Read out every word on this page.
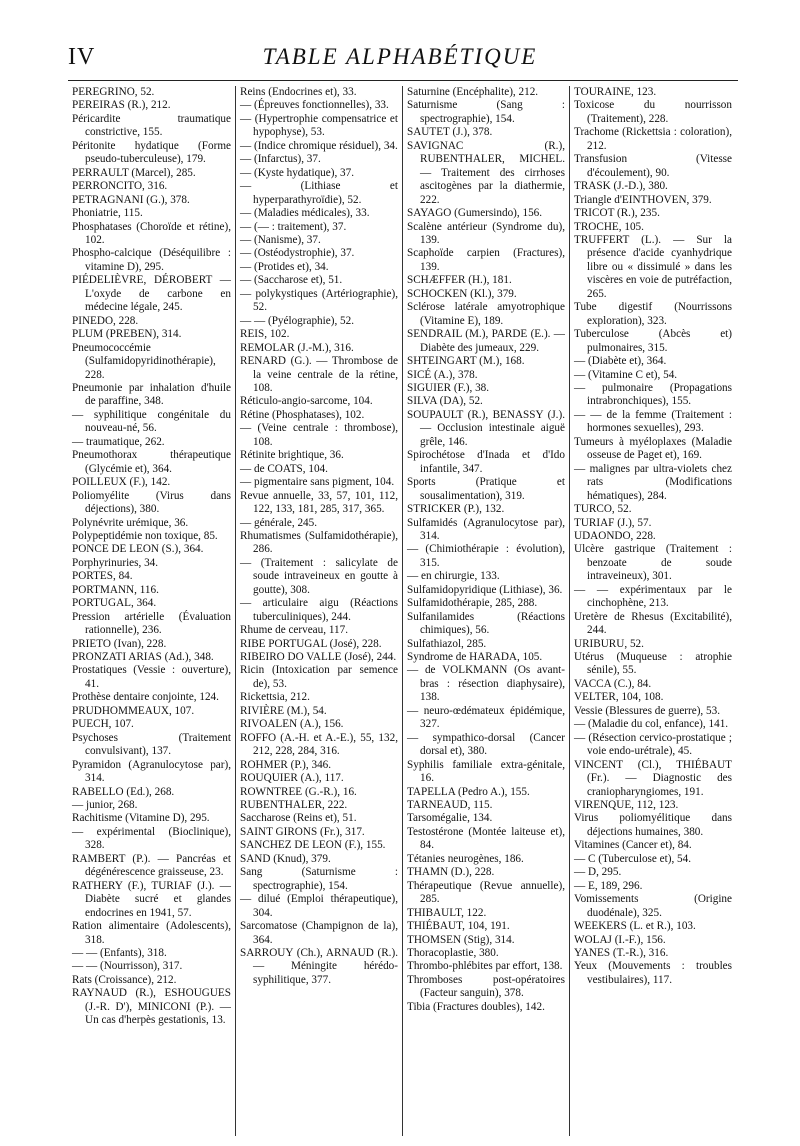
IV	TABLE ALPHABÉTIQUE

PEREGRINO, 52.

PEREIRAS (R.), 212.

Péricardite traumatique constrictive, 155.

Péritonite hydatique (Forme pseudo-tuberculeuse), 179.

PERRAULT (Marcel), 285.

PERRONCITO, 316.

PETRAGNANI (G.), 378.

Phoniatrie, 115.

Phosphatases (Choroïde et rétine), 102.

Phospho-calcique (Déséquilibre : vitamine D), 295.

PIÉDELIÈVRE, DÉROBERT — L'oxyde de carbone en médecine légale, 245.

PINEDO, 228.

PLUM (PREBEN), 314.

Pneumococcémie (Sulfamidopyridinothérapie), 228.

Pneumonie par inhalation d'huile de paraffine, 348.

— syphilitique congénitale du nouveau-né, 56.

— traumatique, 262.

Pneumothorax thérapeutique (Glycémie et), 364.

POILLEUX (F.), 142.

Poliomyélite (Virus dans déjections), 380.

Polynévrite urémique, 36.

Polypeptidémie non toxique, 85.

PONCE DE LEON (S.), 364.

Porphyrinuries, 34.

PORTES, 84.

PORTMANN, 116.

PORTUGAL, 364.

Pression artérielle (Évaluation rationnelle), 236.

PRIETO (Ivan), 228.

PRONZATI ARIAS (Ad.), 348.

Prostatiques (Vessie : ouverture), 41.

Prothèse dentaire conjointe, 124.

PRUDHOMMEAUX, 107.

PUECH, 107.

Psychoses (Traitement convulsivant), 137.

Pyramidon (Agranulocytose par), 314.

RABELLO (Ed.), 268.

— junior, 268.

Rachitisme (Vitamine D), 295.

— expérimental (Bioclinique), 328.

RAMBERT (P.). — Pancréas et dégénérescence graisseuse, 23.

RATHERY (F.), TURIAF (J.). — Diabète sucré et glandes endocrines en 1941, 57.

Ration alimentaire (Adolescents), 318.

— — (Enfants), 318.

— — (Nourrisson), 317.

Rats (Croissance), 212.

RAYNAUD (R.), ESHOUGUES (J.-R. D'), MINICONI (P.). — Un cas d'herpès gestationis, 13.

Reins (Endocrines et), 33.

— (Épreuves fonctionnelles), 33.

— (Hypertrophie compensatrice et hypophyse), 53.

— (Indice chromique résiduel), 34.

— (Infarctus), 37.

— (Kyste hydatique), 37.

— (Lithiase et hyperparathyroïdie), 52.

— (Maladies médicales), 33.

— (— : traitement), 37.

— (Nanisme), 37.

— (Ostéodystrophie), 37.

— (Protides et), 34.

— (Saccharose et), 51.

— polykystiques (Artériographie), 52.

— — (Pyélographie), 52.

REIS, 102.

REMOLAR (J.-M.), 316.

RENARD (G.). — Thrombose de la veine centrale de la rétine, 108.

Réticulo-angio-sarcome, 104.

Rétine (Phosphatases), 102.

— (Veine centrale : thrombose), 108.

Rétinite brightique, 36.

— de COATS, 104.

— pigmentaire sans pigment, 104.

Revue annuelle, 33, 57, 101, 112, 122, 133, 181, 285, 317, 365.

— générale, 245.

Rhumatismes (Sulfamidothérapie), 286.

— (Traitement : salicylate de soude intraveineux en goutte à goutte), 308.

— articulaire aigu (Réactions tuberculiniques), 244.

Rhume de cerveau, 117.

RIBE PORTUGAL (José), 228.

RIBEIRO DO VALLE (José), 244.

Ricin (Intoxication par semence de), 53.

Rickettsia, 212.

RIVIÈRE (M.), 54.

RIVOALEN (A.), 156.

ROFFO (A.-H. et A.-E.), 55, 132, 212, 228, 284, 316.

ROHMER (P.), 346.

ROUQUIER (A.), 117.

ROWNTREE (G.-R.), 16.

RUBENTHALER, 222.

Saccharose (Reins et), 51.

SAINT GIRONS (Fr.), 317.

SANCHEZ DE LEON (F.), 155.

SAND (Knud), 379.

Sang (Saturnisme : spectrographie), 154.

— dilué (Emploi thérapeutique), 304.

Sarcomatose (Champignon de la), 364.

SARROUY (Ch.), ARNAUD (R.). — Méningite hérédo-syphilitique, 377.

Saturnine (Encéphalite), 212.

Saturnisme (Sang : spectrographie), 154.

SAUTET (J.), 378.

SAVIGNAC (R.), RUBENTHALER, MICHEL. — Traitement des cirrhoses ascitogènes par la diathermie, 222.

SAYAGO (Gumersindo), 156.

Scalène antérieur (Syndrome du), 139.

Scaphoïde carpien (Fractures), 139.

SCHÆFFER (H.), 181.

SCHOCKEN (Kl.), 379.

Sclérose latérale amyotrophique (Vitamine E), 189.

SENDRAIL (M.), PARDE (E.). — Diabète des jumeaux, 229.

SHTEINGART (M.), 168.

SICÉ (A.), 378.

SIGUIER (F.), 38.

SILVA (DA), 52.

SOUPAULT (R.), BENASSY (J.). — Occlusion intestinale aiguë grêle, 146.

Spirochétose d'Inada et d'Ido infantile, 347.

Sports (Pratique et sousalimentation), 319.

STRICKER (P.), 132.

Sulfamidés (Agranulocytose par), 314.

— (Chimiothérapie : évolution), 315.

— en chirurgie, 133.

Sulfamidopyridique (Lithiase), 36.

Sulfamidothérapie, 285, 288.

Sulfanilamides (Réactions chimiques), 56.

Sulfathiazol, 285.

Syndrome de HARADA, 105.

— de VOLKMANN (Os avant-bras : résection diaphysaire), 138.

— neuro-œdémateux épidémique, 327.

— sympathico-dorsal (Cancer dorsal et), 380.

Syphilis familiale extra-génitale, 16.

TAPELLA (Pedro A.), 155.

TARNEAUD, 115.

Tarsomégalie, 134.

Testostérone (Montée laiteuse et), 84.

Tétanies neurogènes, 186.

THAMN (D.), 228.

Thérapeutique (Revue annuelle), 285.

THIBAULT, 122.

THIÉBAUT, 104, 191.

THOMSEN (Stig), 314.

Thoracoplastie, 380.

Thrombo-phlébites par effort, 138.

Thromboses post-opératoires (Facteur sanguin), 378.

Tibia (Fractures doubles), 142.

TOURAINE, 123.

Toxicose du nourrisson (Traitement), 228.

Trachome (Rickettsia : coloration), 212.

Transfusion (Vitesse d'écoulement), 90.

TRASK (J.-D.), 380.

Triangle d'EINTHOVEN, 379.

TRICOT (R.), 235.

TROCHE, 105.

TRUFFERT (L.). — Sur la présence d'acide cyanhydrique libre ou « dissimulé » dans les viscères en voie de putréfaction, 265.

Tube digestif (Nourrissons exploration), 323.

Tuberculose (Abcès et) pulmonaires, 315.

— (Diabète et), 364.

— (Vitamine C et), 54.

— pulmonaire (Propagations intrabronchiques), 155.

— — de la femme (Traitement : hormones sexuelles), 293.

Tumeurs à myéloplaxes (Maladie osseuse de Paget et), 169.

— malignes par ultra-violets chez rats (Modifications hématiques), 284.

TURCO, 52.

TURIAF (J.), 57.

UDAONDO, 228.

Ulcère gastrique (Traitement : benzoate de soude intraveineux), 301.

— — expérimentaux par le cinchophène, 213.

Uretère de Rhesus (Excitabilité), 244.

URIBURU, 52.

Utérus (Muqueuse : atrophie sénile), 55.

VACCA (C.), 84.

VELTER, 104, 108.

Vessie (Blessures de guerre), 53.

— (Maladie du col, enfance), 141.

— (Résection cervico-prostatique ; voie endo-urétrale), 45.

VINCENT (Cl.), THIÉBAUT (Fr.). — Diagnostic des craniopharyngiomes, 191.

VIRENQUE, 112, 123.

Virus poliomyélitique dans déjections humaines, 380.

Vitamines (Cancer et), 84.

— C (Tuberculose et), 54.

— D, 295.

— E, 189, 296.

Vomissements (Origine duodénale), 325.

WEEKERS (L. et R.), 103.

WOLAJ (I.-F.), 156.

YANES (T.-R.), 316.

Yeux (Mouvements : troubles vestibulaires), 117.
